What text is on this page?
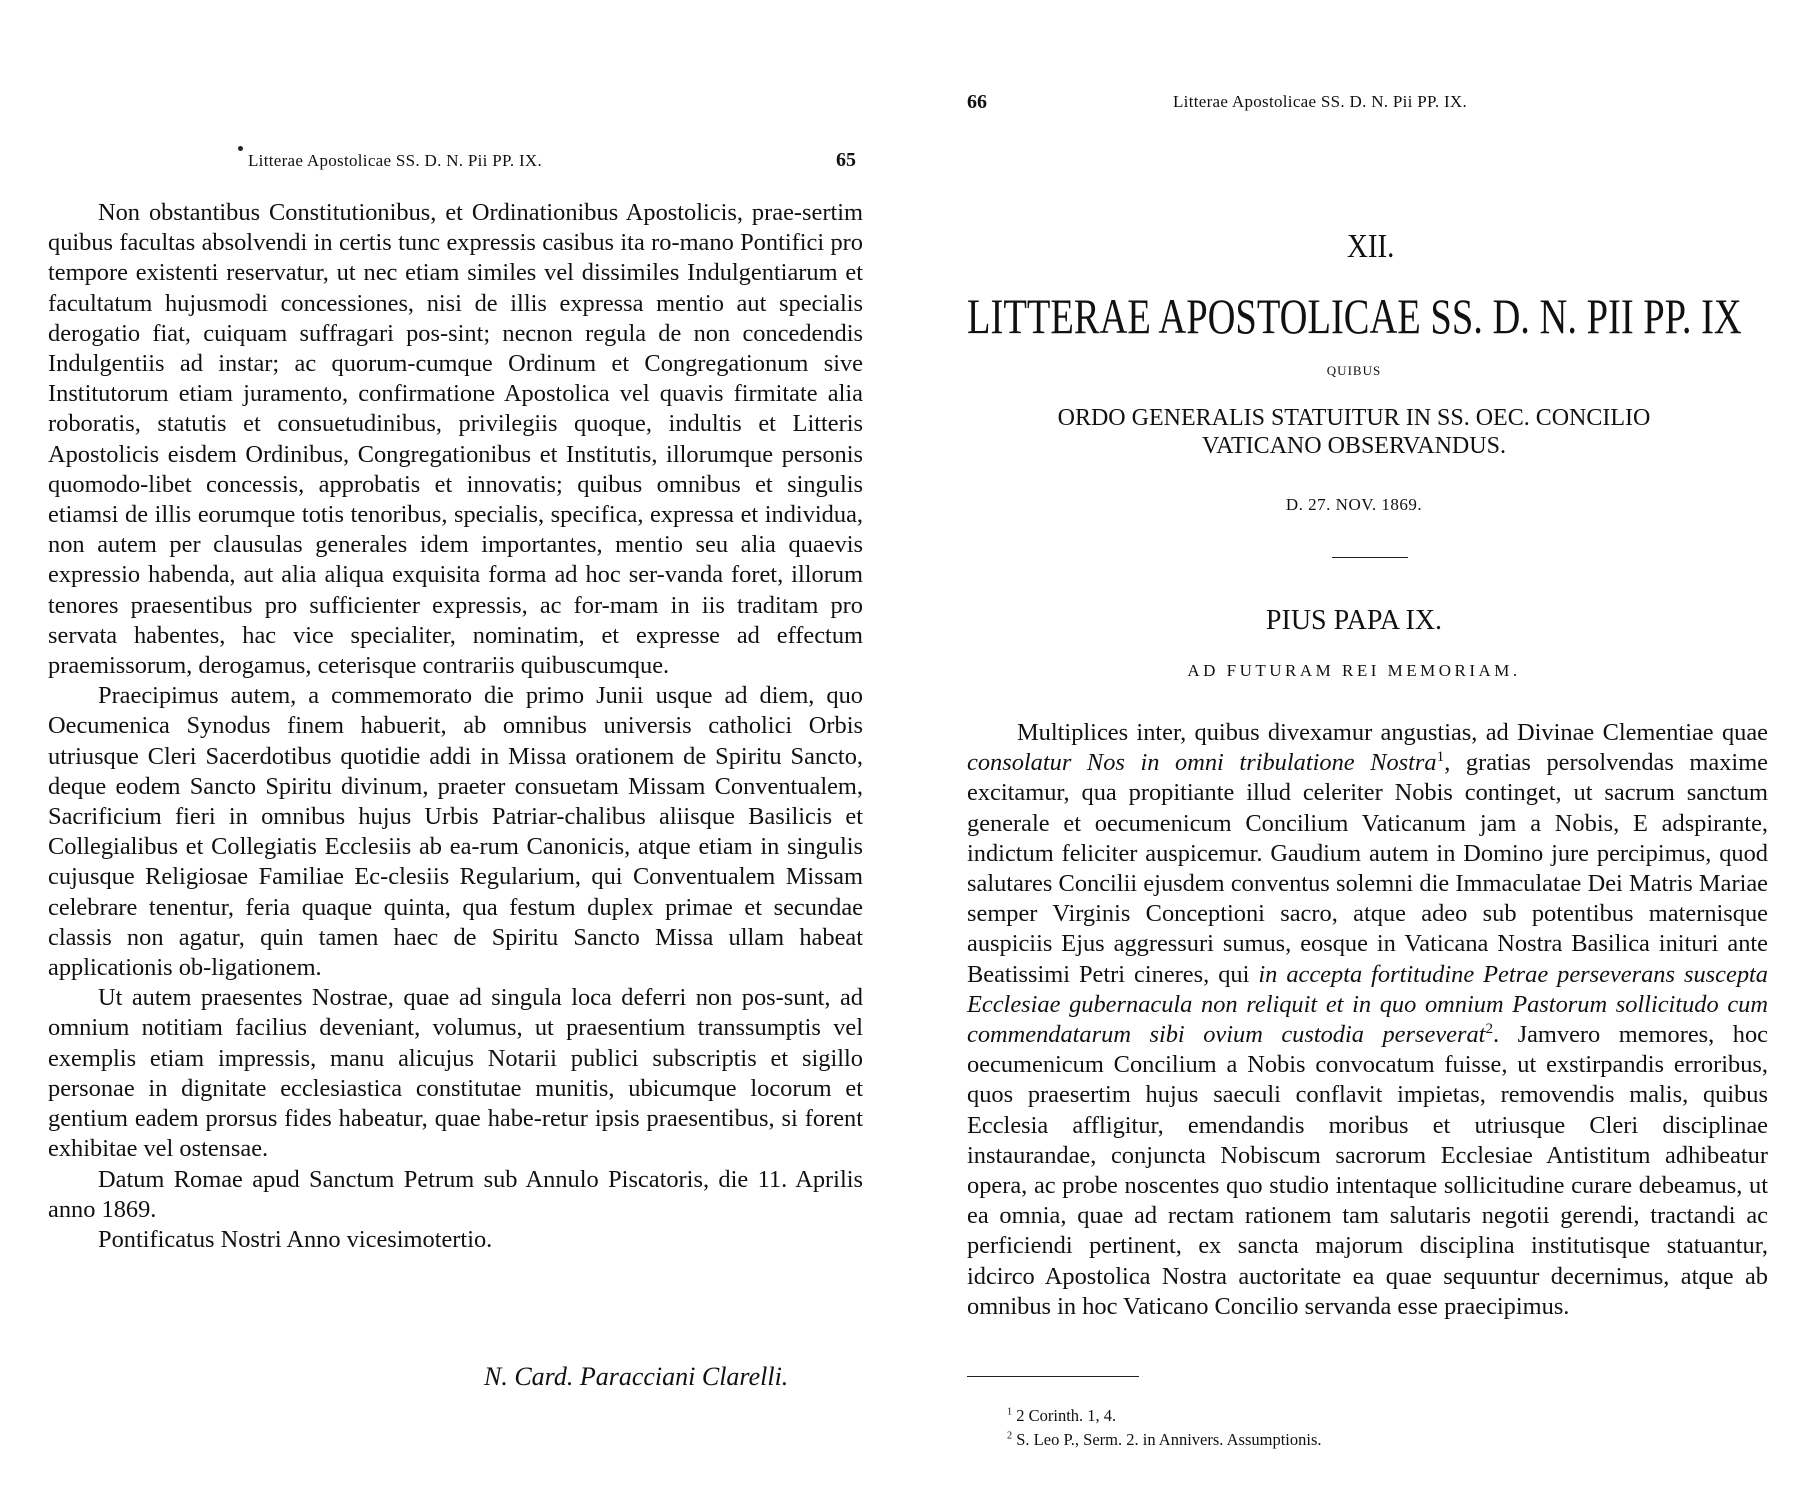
Litterae Apostolicae SS. D. N. Pii PP. IX.	65

Non obstantibus Constitutionibus, et Ordinationibus Apostolicis, prae-sertim quibus facultas absolvendi in certis tunc expressis casibus ita ro-mano Pontifici pro tempore existenti reservatur, ut nec etiam similes vel dissimiles Indulgentiarum et facultatum hujusmodi concessiones, nisi de illis expressa mentio aut specialis derogatio fiat, cuiquam suffragari pos-sint; necnon regula de non concedendis Indulgentiis ad instar; ac quorum-cumque Ordinum et Congregationum sive Institutorum etiam juramento, confirmatione Apostolica vel quavis firmitate alia roboratis, statutis et consuetudinibus, privilegiis quoque, indultis et Litteris Apostolicis eisdem Ordinibus, Congregationibus et Institutis, illorumque personis quomodo-libet concessis, approbatis et innovatis; quibus omnibus et singulis etiamsi de illis eorumque totis tenoribus, specialis, specifica, expressa et individua, non autem per clausulas generales idem importantes, mentio seu alia quaevis expressio habenda, aut alia aliqua exquisita forma ad hoc ser-vanda foret, illorum tenores praesentibus pro sufficienter expressis, ac for-mam in iis traditam pro servata habentes, hac vice specialiter, nominatim, et expresse ad effectum praemissorum, derogamus, ceterisque contrariis quibuscumque.

Praecipimus autem, a commemorato die primo Junii usque ad diem, quo Oecumenica Synodus finem habuerit, ab omnibus universis catholici Orbis utriusque Cleri Sacerdotibus quotidie addi in Missa orationem de Spiritu Sancto, deque eodem Sancto Spiritu divinum, praeter consuetam Missam Conventualem, Sacrificium fieri in omnibus hujus Urbis Patriar-chalibus aliisque Basilicis et Collegialibus et Collegiatis Ecclesiis ab ea-rum Canonicis, atque etiam in singulis cujusque Religiosae Familiae Ec-clesiis Regularium, qui Conventualem Missam celebrare tenentur, feria quaque quinta, qua festum duplex primae et secundae classis non agatur, quin tamen haec de Spiritu Sancto Missa ullam habeat applicationis ob-ligationem.

Ut autem praesentes Nostrae, quae ad singula loca deferri non pos-sunt, ad omnium notitiam facilius deveniant, volumus, ut praesentium transsumptis vel exemplis etiam impressis, manu alicujus Notarii publici subscriptis et sigillo personae in dignitate ecclesiastica constitutae munitis, ubicumque locorum et gentium eadem prorsus fides habeatur, quae habe-retur ipsis praesentibus, si forent exhibitae vel ostensae.

Datum Romae apud Sanctum Petrum sub Annulo Piscatoris, die 11. Aprilis anno 1869.

Pontificatus Nostri Anno vicesimotertio.

N. Card. Paracciani Clarelli.
66	Litterae Apostolicae SS. D. N. Pii PP. IX.
XII.
LITTERAE APOSTOLICAE SS. D. N. PII PP. IX
QUIBUS
ORDO GENERALIS STATUITUR IN SS. OEC. CONCILIO
VATICANO OBSERVANDUS.
D. 27. NOV. 1869.
PIUS PAPA IX.
AD FUTURAM REI MEMORIAM.

Multiplices inter, quibus divexamur angustias, ad Divinae Clementiae quae consolatur Nos in omni tribulatione Nostra$^1$, gratias persolvendas maxime excitamur, qua propitiante illud celeriter Nobis continget, ut sacrum sanctum generale et oecumenicum Concilium Vaticanum jam a Nobis, E adspirante, indictum feliciter auspicemur. Gaudium autem in Domino jure percipimus, quod salutares Concilii ejusdem conventus solemni die Immaculatae Dei Matris Mariae semper Virginis Conceptioni sacro, atque adeo sub potentibus maternisque auspiciis Ejus aggressuri sumus, eosque in Vaticana Nostra Basilica inituri ante Beatissimi Petri cineres, qui in accepta fortitudine Petrae perseverans suscepta Ecclesiae gubernacula non reliquit et in quo omnium Pastorum sollicitudo cum commendatarum sibi ovium custodia perseverat$^2$. Jamvero memores, hoc oecumenicum Concilium a Nobis convocatum fuisse, ut exstirpandis erroribus, quos praesertim hujus saeculi conflavit impietas, removendis malis, quibus Ecclesia affligitur, emendandis moribus et utriusque Cleri disciplinae instaurandae, conjuncta Nobiscum sacrorum Ecclesiae Antistitum adhibeatur opera, ac probe noscentes quo studio intentaque sollicitudine curare debeamus, ut ea omnia, quae ad rectam rationem tam salutaris negotii gerendi, tractandi ac perficiendi pertinent, ex sancta majorum disciplina institutisque statuantur, idcirco Apostolica Nostra auctoritate ea quae sequuntur decernimus, atque ab omnibus in hoc Vaticano Concilio servanda esse praecipimus.

$^1$ 2 Corinth. 1, 4.
$^2$ S. Leo P., Serm. 2. in Annivers. Assumptionis.
